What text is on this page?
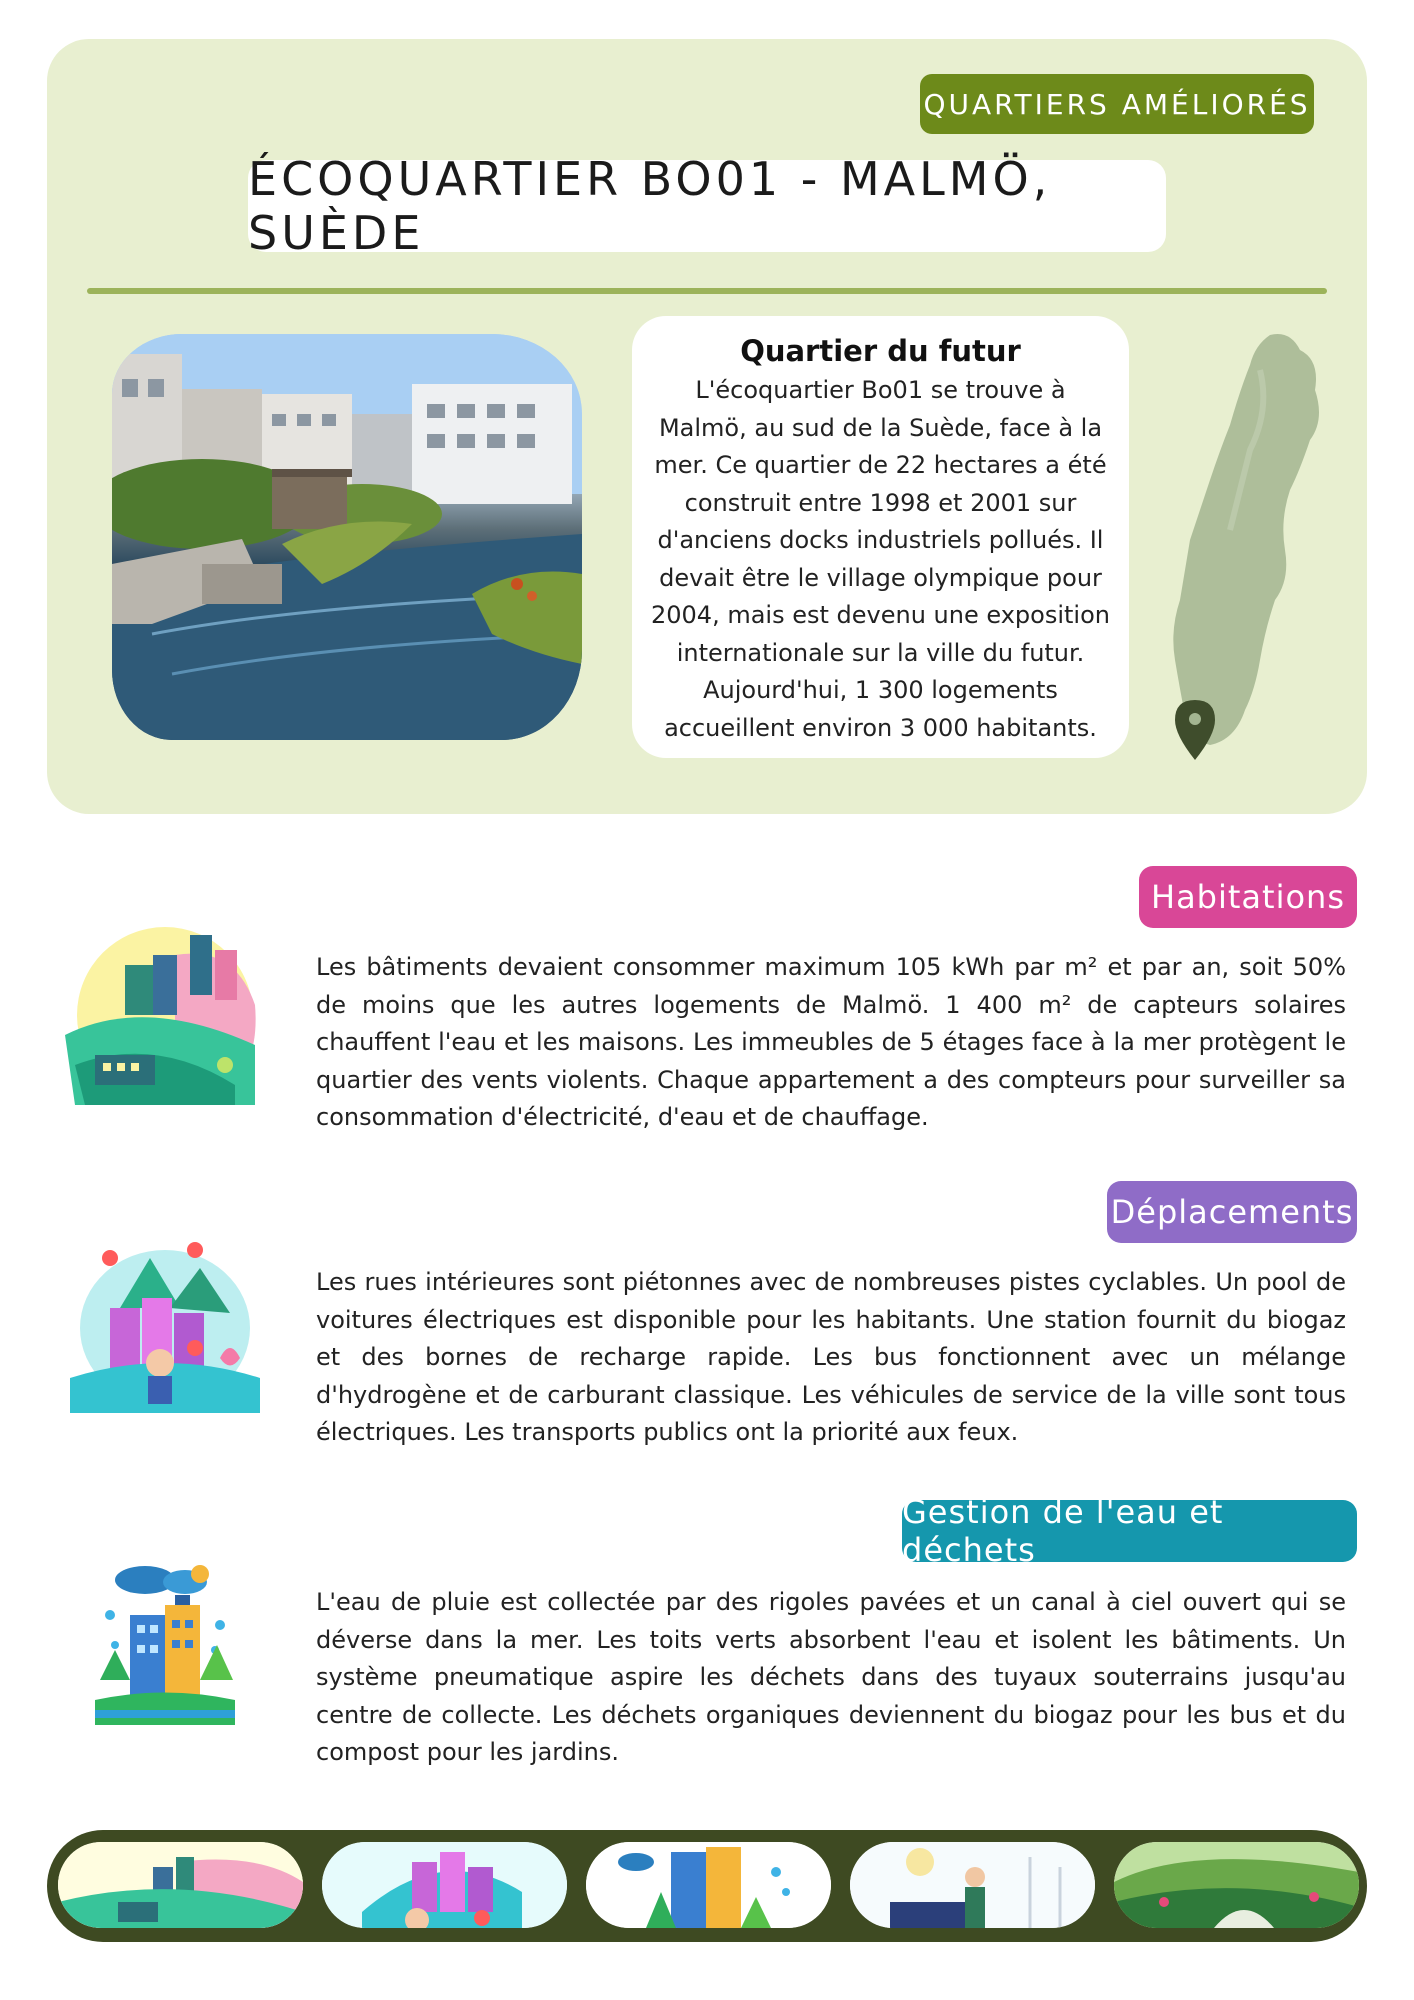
QUARTIERS AMÉLIORÉS
ÉCOQUARTIER BO01 - MALMÖ, SUÈDE
Quartier du futur

L'écoquartier Bo01 se trouve à Malmö, au sud de la Suède, face à la mer. Ce quartier de 22 hectares a été construit entre 1998 et 2001 sur d'anciens docks industriels pollués. Il devait être le village olympique pour 2004, mais est devenu une exposition internationale sur la ville du futur. Aujourd'hui, 1 300 logements accueillent environ 3 000 habitants.

Habitations

Les bâtiments devaient consommer maximum 105 kWh par m² et par an, soit 50% de moins que les autres logements de Malmö. 1 400 m² de capteurs solaires chauffent l'eau et les maisons. Les immeubles de 5 étages face à la mer protègent le quartier des vents violents. Chaque appartement a des compteurs pour surveiller sa consommation d'électricité, d'eau et de chauffage.

Déplacements

Les rues intérieures sont piétonnes avec de nombreuses pistes cyclables. Un pool de voitures électriques est disponible pour les habitants. Une station fournit du biogaz et des bornes de recharge rapide. Les bus fonctionnent avec un mélange d'hydrogène et de carburant classique. Les véhicules de service de la ville sont tous électriques. Les transports publics ont la priorité aux feux.

Gestion de l'eau et déchets

L'eau de pluie est collectée par des rigoles pavées et un canal à ciel ouvert qui se déverse dans la mer. Les toits verts absorbent l'eau et isolent les bâtiments. Un système pneumatique aspire les déchets dans des tuyaux souterrains jusqu'au centre de collecte. Les déchets organiques deviennent du biogaz pour les bus et du compost pour les jardins.
